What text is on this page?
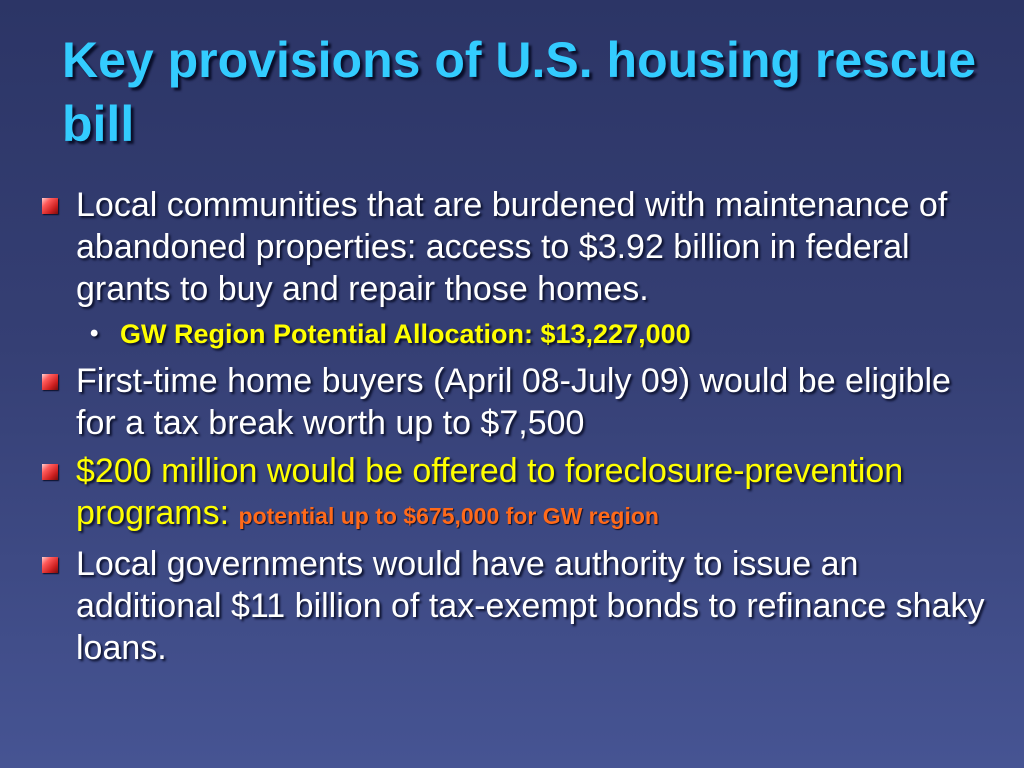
Key provisions of U.S. housing rescue bill
Local communities that are burdened with maintenance of abandoned properties: access to $3.92 billion in federal grants to buy and repair those homes.
• GW Region Potential Allocation: $13,227,000
First-time home buyers (April 08-July 09) would be eligible for a tax break worth up to $7,500
$200 million would be offered to foreclosure-prevention programs: potential up to $675,000 for GW region
Local governments would have authority to issue an additional $11 billion of tax-exempt bonds to refinance shaky loans.
